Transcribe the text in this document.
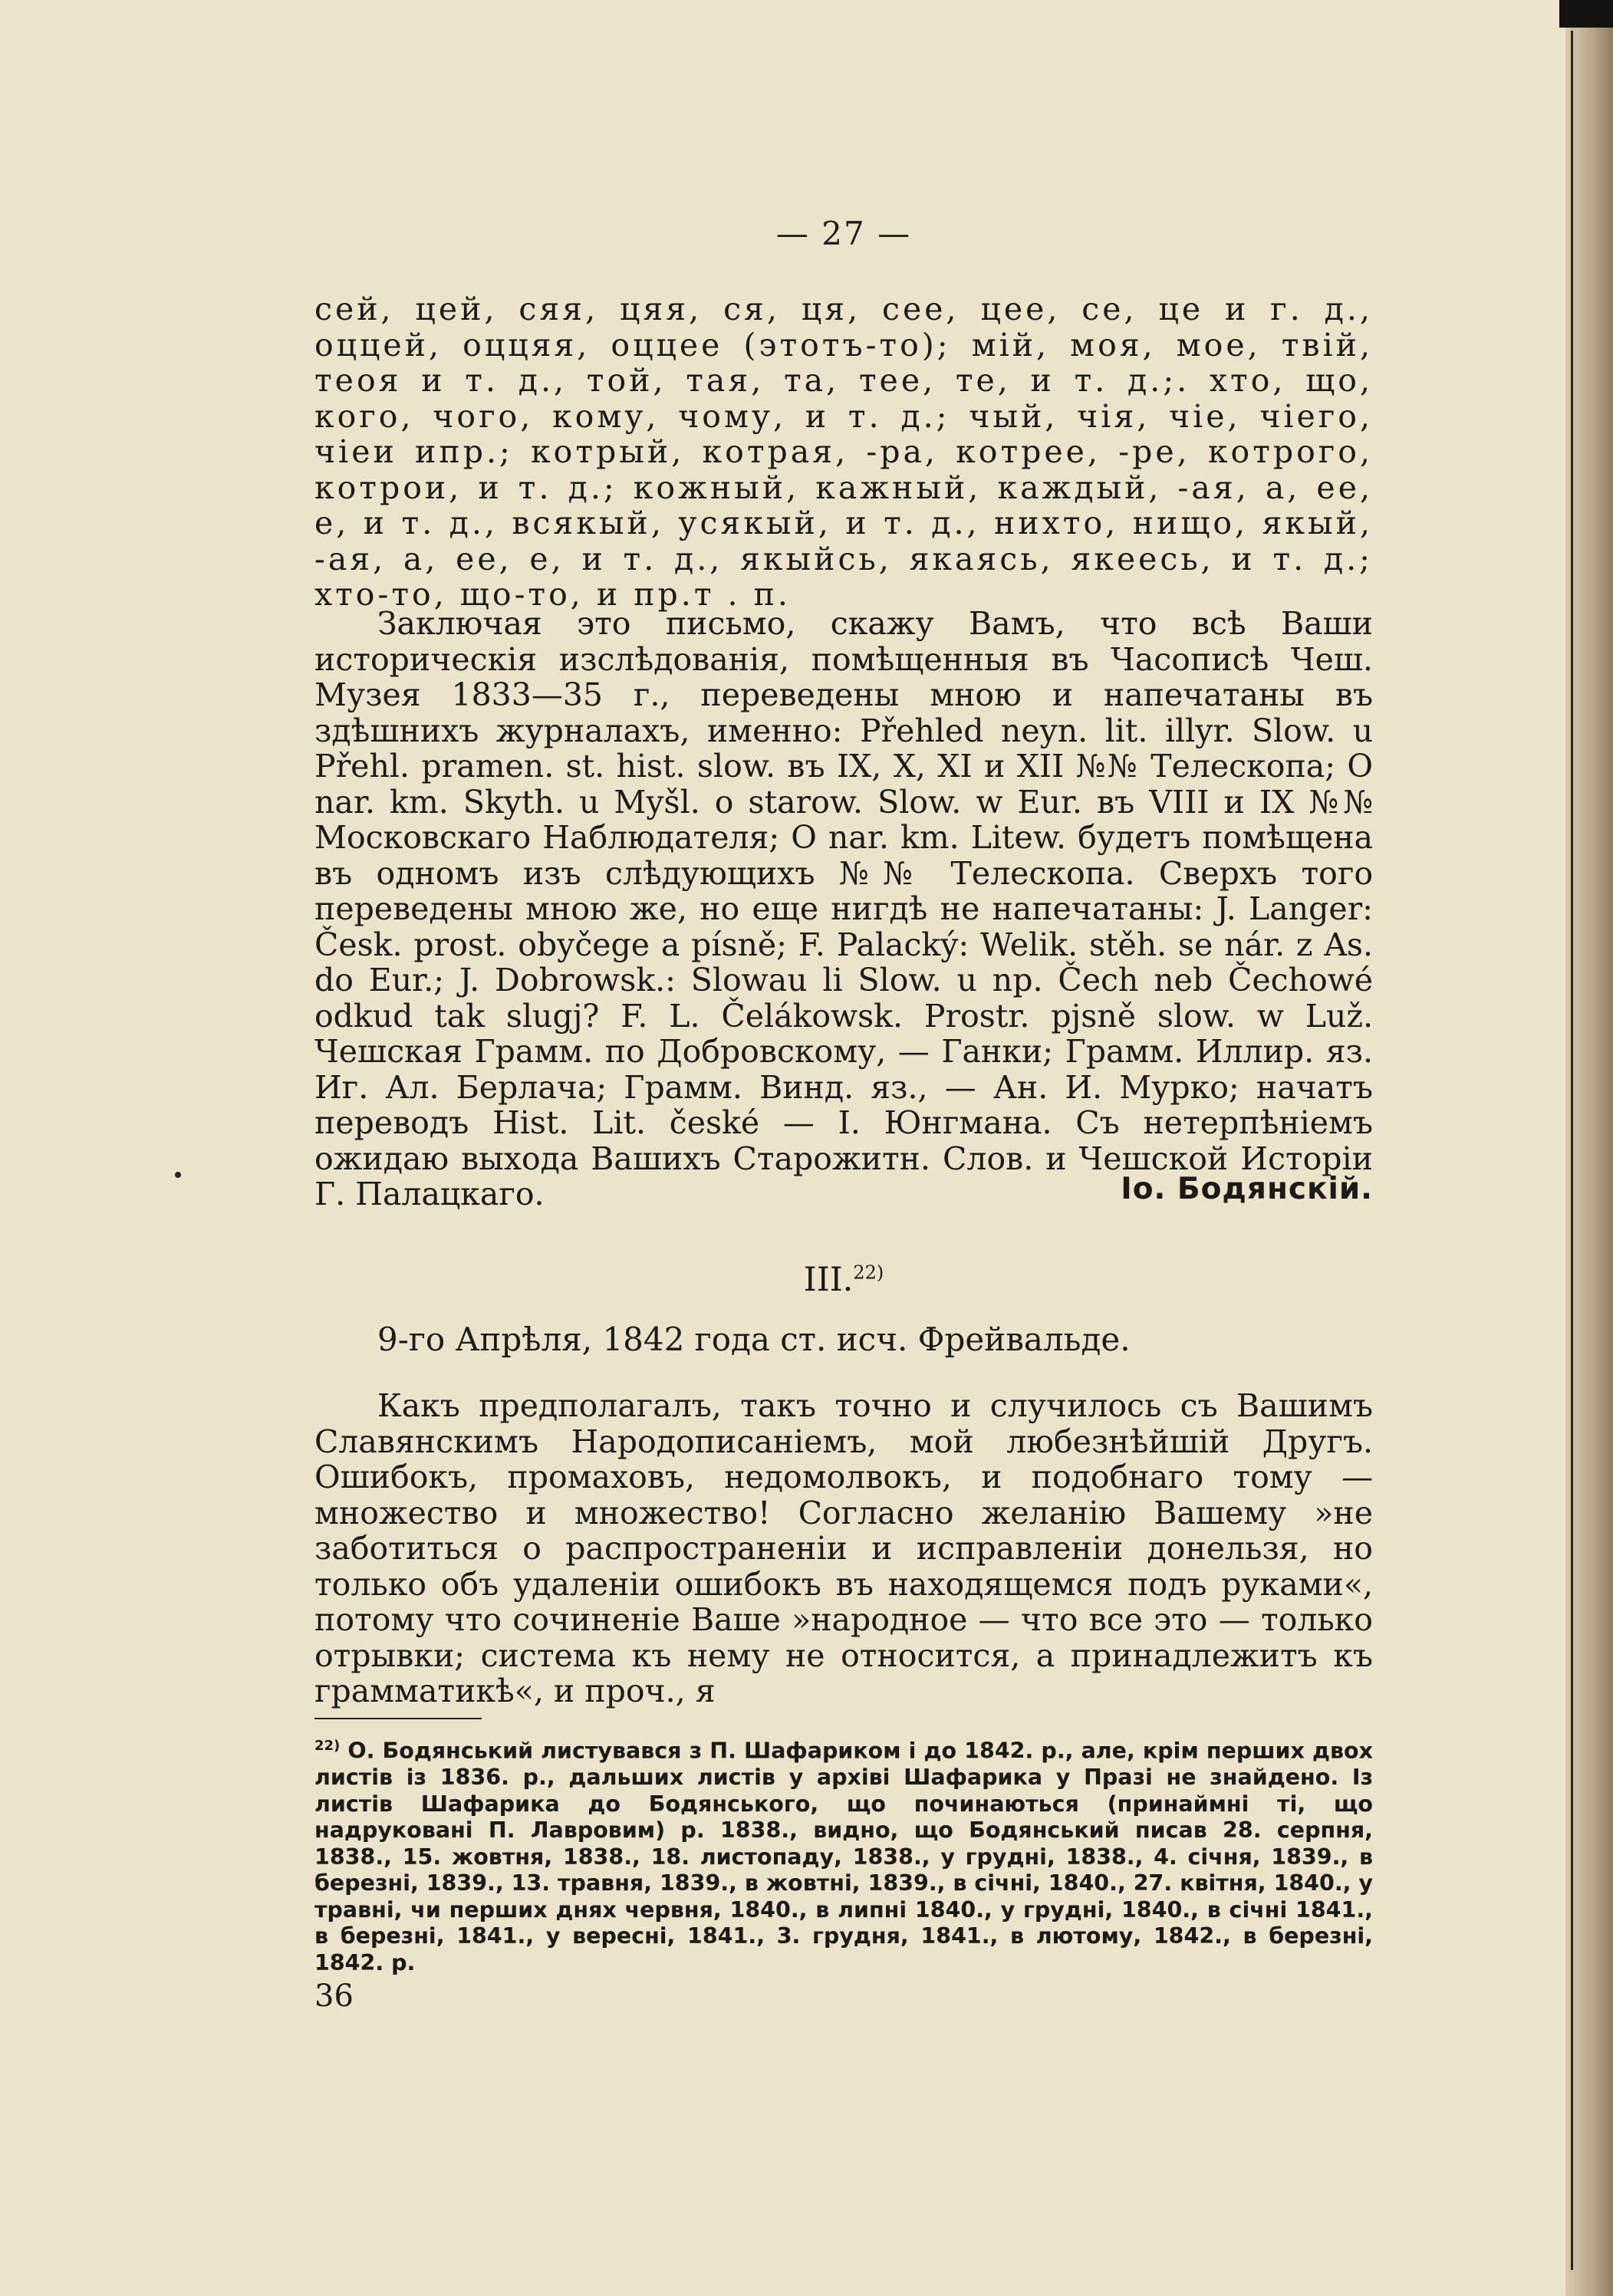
— 27 —

сей, цей, сяя, цяя, ся, ця, сее, цее, се, це и г. д., оццей, оццяя, оццее (этотъ-то); мій, моя, мое, твій, теоя и т. д., той, тая, та, тее, те, и т. д.;. хто, що, кого, чого, кому, чому, и т. д.; чый, чія, чіе, чіего, чіеи ипр.; котрый, котрая, -ра, котрее, -ре, котрого, котрои, и т. д.; кожный, кажный, каждый, -ая, а, ее, е, и т. д., всякый, усякый, и т. д., нихто, нищо, якый, -ая, а, ее, е, и т. д., якыйсь, якаясь, якеесь, и т. д.; хто-то, що-то, и пр.т . п.

Заключая это письмо, скажу Вамъ, что всѣ Ваши историческія изслѣдованія, помѣщенныя въ Часописѣ Чеш. Музея 1833—35 г., переведены мною и напечатаны въ здѣшнихъ журналахъ, именно: Přehled neyn. lit. illyr. Slow. u Přehl. pramen. st. hist. slow. въ IX, X, XI и XII №№ Телескопа; O nar. km. Skyth. u Myšl. o starow. Slow. w Eur. въ VIII и IX №№ Московскаго Наблюдателя; O nar. km. Litew. будетъ помѣщена въ одномъ изъ слѣдующихъ №№ Телескопа. Сверхъ того переведены мною же, но еще нигдѣ не напечатаны: J. Langer: Česk. prost. obyčege a písně; F. Palacký: Welik. stěh. se nár. z As. do Eur.; J. Dobrowsk.: Slowau li Slow. u np. Čech neb Čechowé odkud tak slugj? F. L. Čelákowsk. Prostr. pjsně slow. w Luž. Чешская Грамм. по Добровскому, — Ганки; Грамм. Иллир. яз. Иг. Ал. Берлача; Грамм. Винд. яз., — Ан. И. Мурко; начатъ переводъ Hist. Lit. české — I. Юнгмана. Съ нетерпѣніемъ ожидаю выхода Вашихъ Старожитн. Слов. и Чешской Исторіи Г. Палацкаго.	Іо. Бодянскій.
III.$^{22)}$
9-го Апрѣля, 1842 года ст. исч. Фрейвальде.

Какъ предполагалъ, такъ точно и случилось съ Вашимъ Славянскимъ Народописаніемъ, мой любезнѣйшій Другъ. Ошибокъ, промаховъ, недомолвокъ, и подобнаго тому — множество и множество! Согласно желанію Вашему »не заботиться о распространеніи и исправленіи донельзя, но только объ удаленіи ошибокъ въ находящемся подъ руками«, потому что сочиненіе Ваше »народное — что все это — только отрывки; система къ нему не относится, а принадлежитъ къ грамматикѣ«, и проч., я

$^{22)}$ О. Бодянський листувався з П. Шафариком і до 1842. р., але, крім перших двох листів із 1836. р., дальших листів у архіві Шафарика у Празі не знайдено. Із листів Шафарика до Бодянського, що починаються (принаймні ті, що надруковані П. Лавровим) р. 1838., видно, що Бодянський писав 28. серпня, 1838., 15. жовтня, 1838., 18. листопаду, 1838., у грудні, 1838., 4. січня, 1839., в березні, 1839., 13. травня, 1839., в жовтні, 1839., в січні, 1840., 27. квітня, 1840., у травні, чи перших днях червня, 1840., в липні 1840., у грудні, 1840., в січні 1841., в березні, 1841., у вересні, 1841., 3. грудня, 1841., в лютому, 1842., в березні, 1842. р.

36
